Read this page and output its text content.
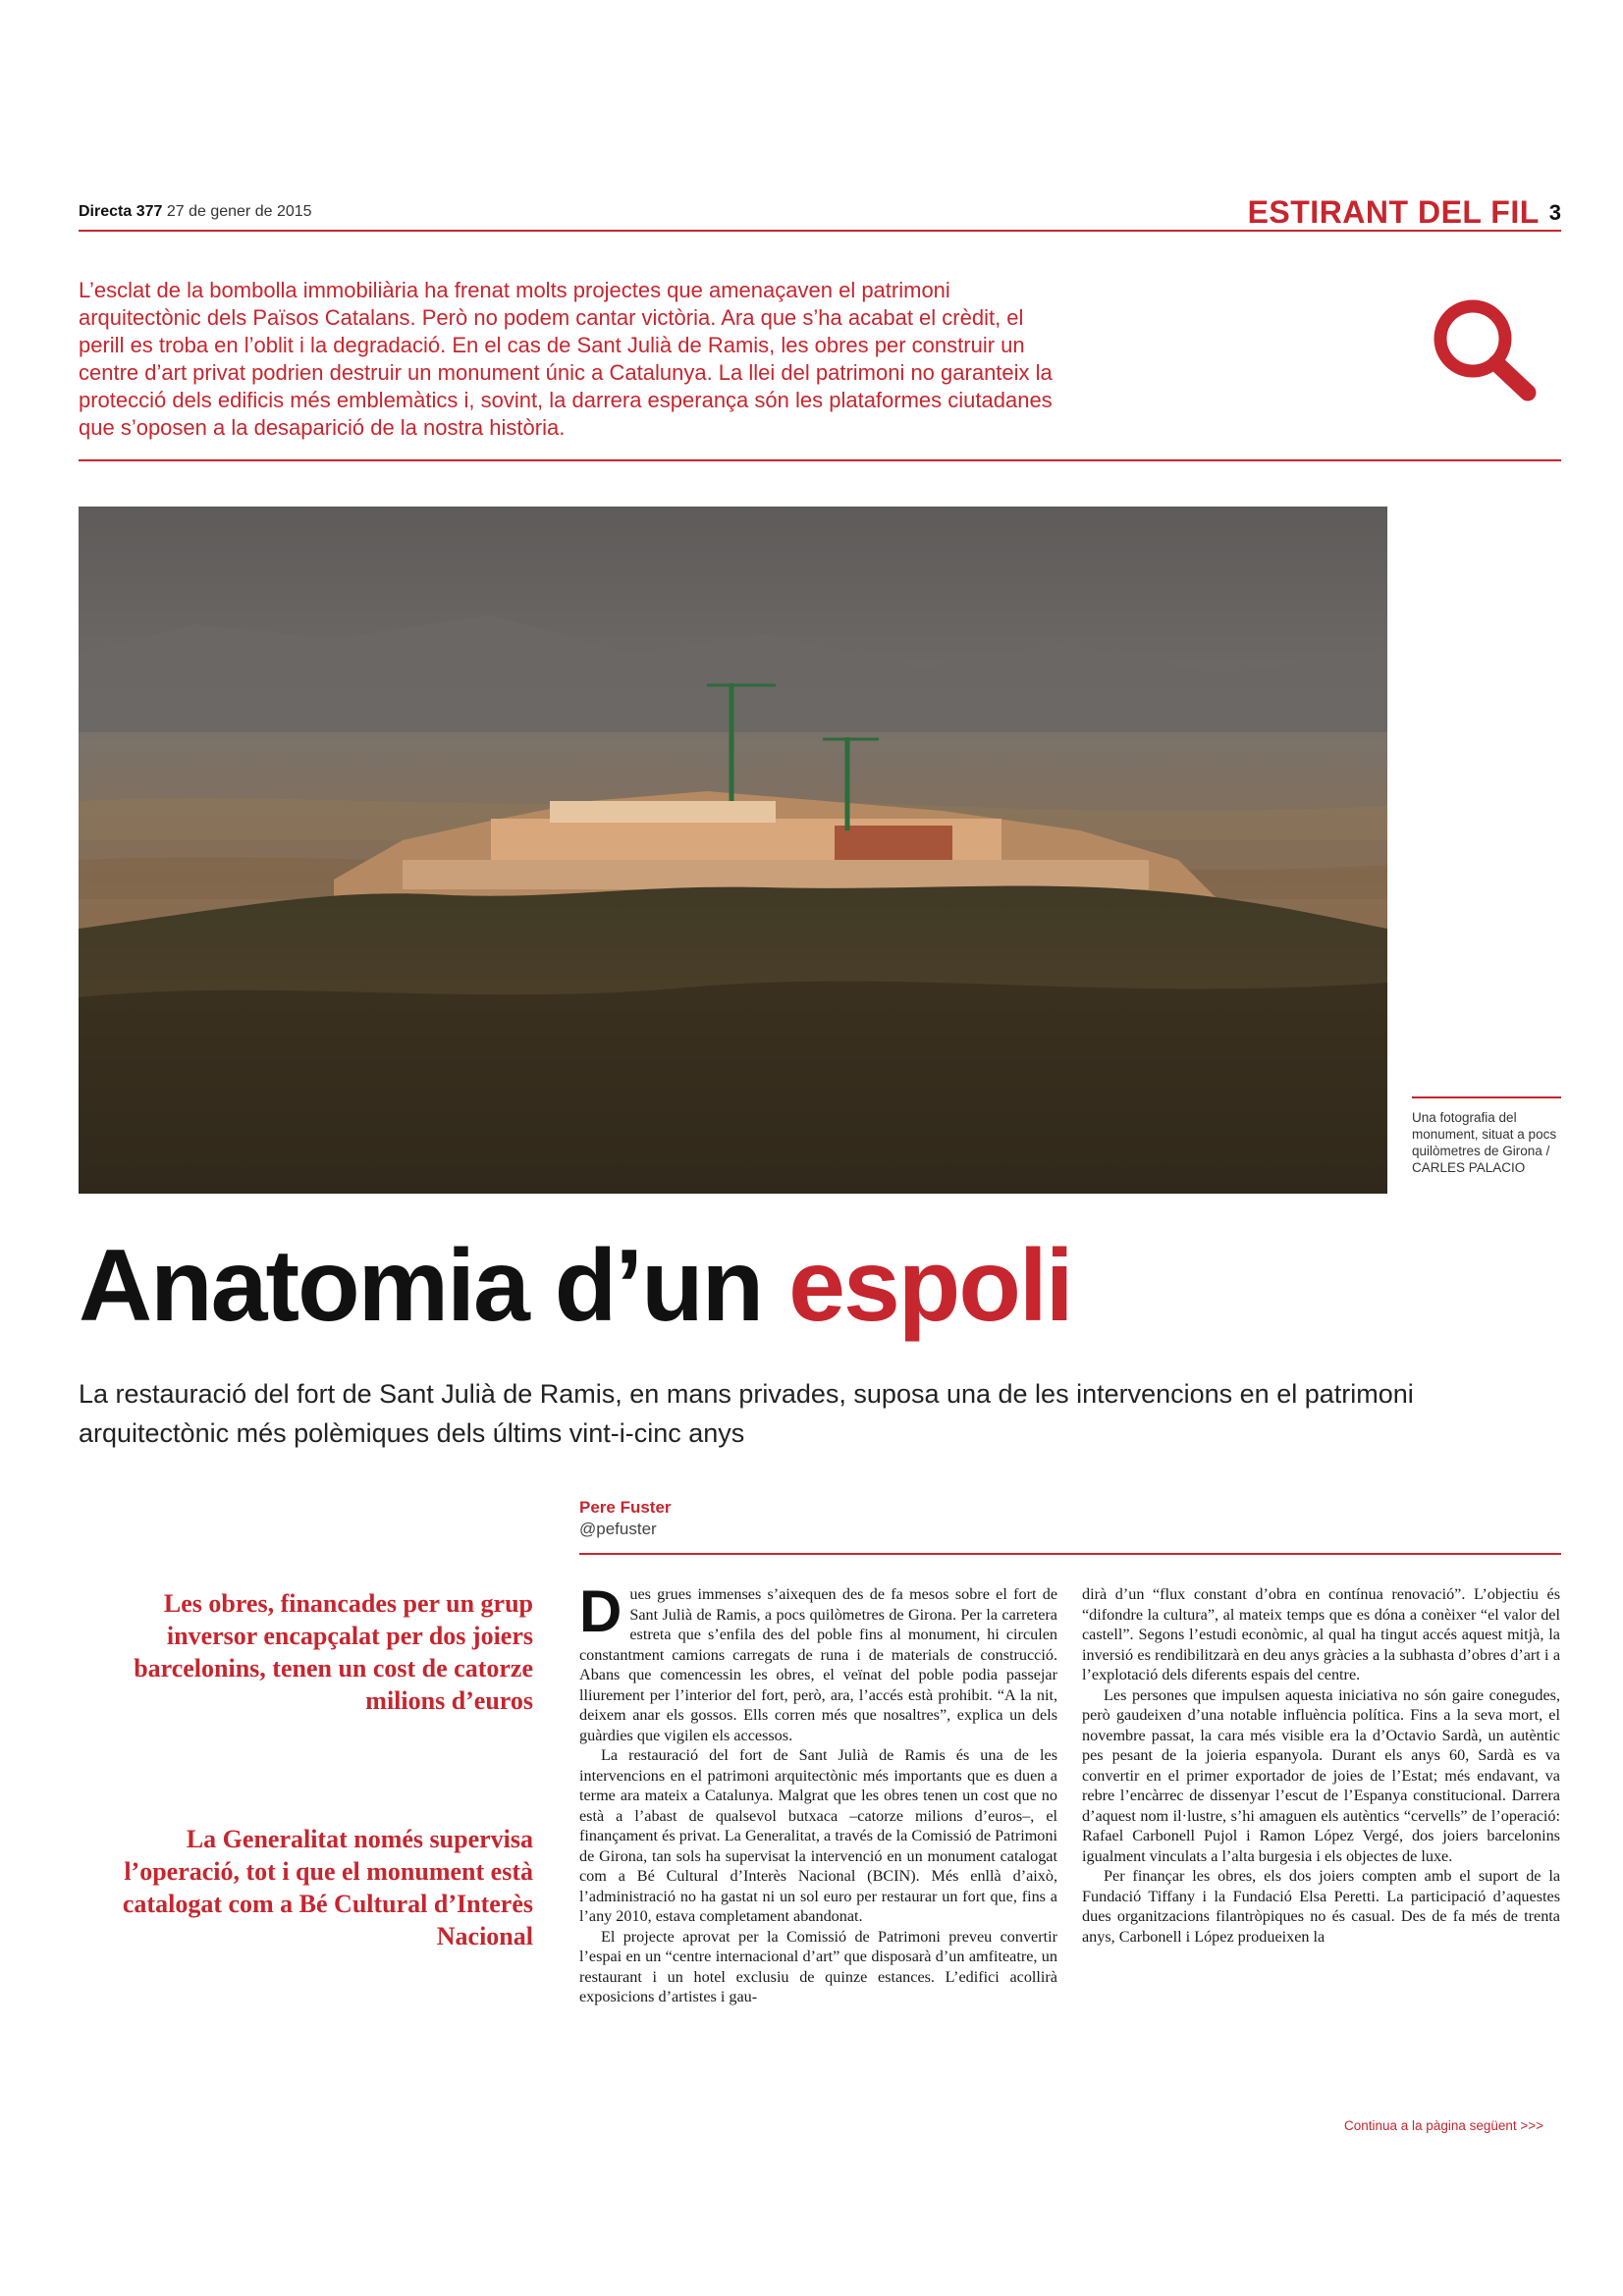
Directa 377 27 de gener de 2015	ESTIRANT DEL FIL 3

L’esclat de la bombolla immobiliària ha frenat molts projectes que amenaçaven el patrimoni arquitectònic dels Països Catalans. Però no podem cantar victòria. Ara que s’ha acabat el crèdit, el perill es troba en l’oblit i la degradació. En el cas de Sant Julià de Ramis, les obres per construir un centre d’art privat podrien destruir un monument únic a Catalunya. La llei del patrimoni no garanteix la protecció dels edificis més emblemàtics i, sovint, la darrera esperança són les plataformes ciutadanes que s’oposen a la desaparició de la nostra història.

Una fotografia del monument, situat a pocs quilòmetres de Girona / CARLES PALACIO
Anatomia d’un espoli

La restauració del fort de Sant Julià de Ramis, en mans privades, suposa una de les intervencions en el patrimoni arquitectònic més polèmiques dels últims vint-i-cinc anys

Pere Fuster
@pefuster

Les obres, financades per un grup inversor encapçalat per dos joiers barcelonins, tenen un cost de catorze milions d’euros

La Generalitat només supervisa l’operació, tot i que el monument està catalogat com a Bé Cultural d’Interès Nacional

Dues grues immenses s’aixequen des de fa mesos sobre el fort de Sant Julià de Ramis, a pocs quilòmetres de Girona. Per la carretera estreta que s’enfila des del poble fins al monument, hi circulen constantment camions carregats de runa i de materials de construcció. Abans que comencessin les obres, el veïnat del poble podia passejar lliurement per l’interior del fort, però, ara, l’accés està prohibit. “A la nit, deixem anar els gossos. Ells corren més que nosaltres”, explica un dels guàrdies que vigilen els accessos.

La restauració del fort de Sant Julià de Ramis és una de les intervencions en el patrimoni arquitectònic més importants que es duen a terme ara mateix a Catalunya. Malgrat que les obres tenen un cost que no està a l’abast de qualsevol butxaca –catorze milions d’euros–, el finançament és privat. La Generalitat, a través de la Comissió de Patrimoni de Girona, tan sols ha supervisat la intervenció en un monument catalogat com a Bé Cultural d’Interès Nacional (BCIN). Més enllà d’això, l’administració no ha gastat ni un sol euro per restaurar un fort que, fins a l’any 2010, estava completament abandonat.

El projecte aprovat per la Comissió de Patrimoni preveu convertir l’espai en un “centre internacional d’art” que disposarà d’un amfiteatre, un restaurant i un hotel exclusiu de quinze estances. L’edifici acollirà exposicions d’artistes i gau-

dirà d’un “flux constant d’obra en contínua renovació”. L’objectiu és “difondre la cultura”, al mateix temps que es dóna a conèixer “el valor del castell”. Segons l’estudi econòmic, al qual ha tingut accés aquest mitjà, la inversió es rendibilitzarà en deu anys gràcies a la subhasta d’obres d’art i a l’explotació dels diferents espais del centre.

Les persones que impulsen aquesta iniciativa no són gaire conegudes, però gaudeixen d’una notable influència política. Fins a la seva mort, el novembre passat, la cara més visible era la d’Octavio Sardà, un autèntic pes pesant de la joieria espanyola. Durant els anys 60, Sardà es va convertir en el primer exportador de joies de l’Estat; més endavant, va rebre l’encàrrec de dissenyar l’escut de l’Espanya constitucional. Darrera d’aquest nom il·lustre, s’hi amaguen els autèntics “cervells” de l’operació: Rafael Carbonell Pujol i Ramon López Vergé, dos joiers barcelonins igualment vinculats a l’alta burgesia i els objectes de luxe.

Per finançar les obres, els dos joiers compten amb el suport de la Fundació Tiffany i la Fundació Elsa Peretti. La participació d’aquestes dues organitzacions filantròpiques no és casual. Des de fa més de trenta anys, Carbonell i López produeixen la

Continua a la pàgina següent >>>
